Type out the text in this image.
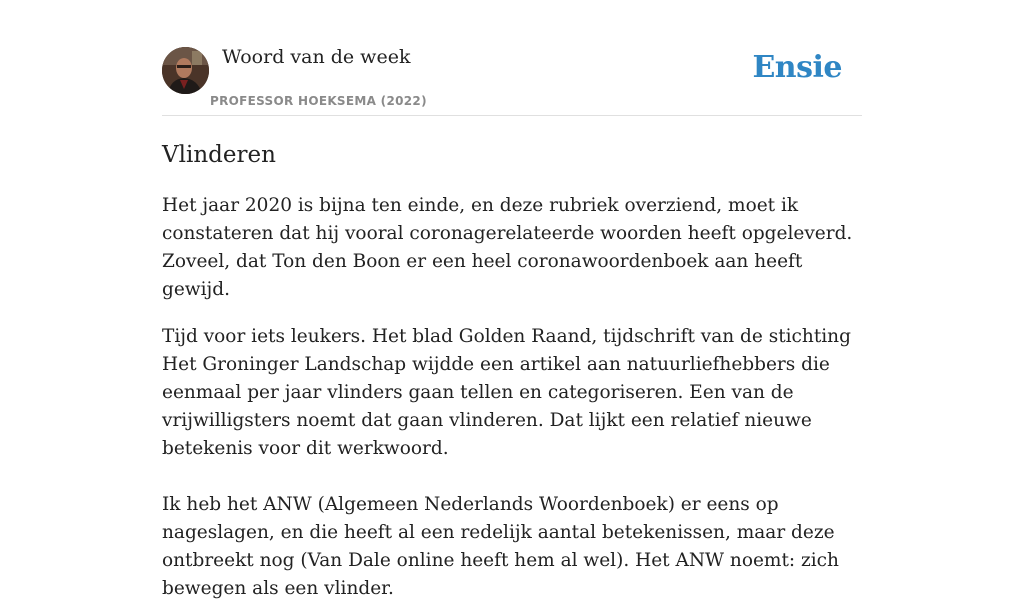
Woord van de week
PROFESSOR HOEKSEMA (2022)
Ensie
Vlinderen

Het jaar 2020 is bijna ten einde, en deze rubriek overziend, moet ik constateren dat hij vooral coronagerelateerde woorden heeft opgeleverd. Zoveel, dat Ton den Boon er een heel coronawoordenboek aan heeft gewijd.

Tijd voor iets leukers. Het blad Golden Raand, tijdschrift van de stichting Het Groninger Landschap wijdde een artikel aan natuurliefhebbers die eenmaal per jaar vlinders gaan tellen en categoriseren. Een van de vrijwilligsters noemt dat gaan vlinderen. Dat lijkt een relatief nieuwe betekenis voor dit werkwoord.

Ik heb het ANW (Algemeen Nederlands Woordenboek) er eens op nageslagen, en die heeft al een redelijk aantal betekenissen, maar deze ontbreekt nog (Van Dale online heeft hem al wel). Het ANW noemt: zich bewegen als een vlinder.
